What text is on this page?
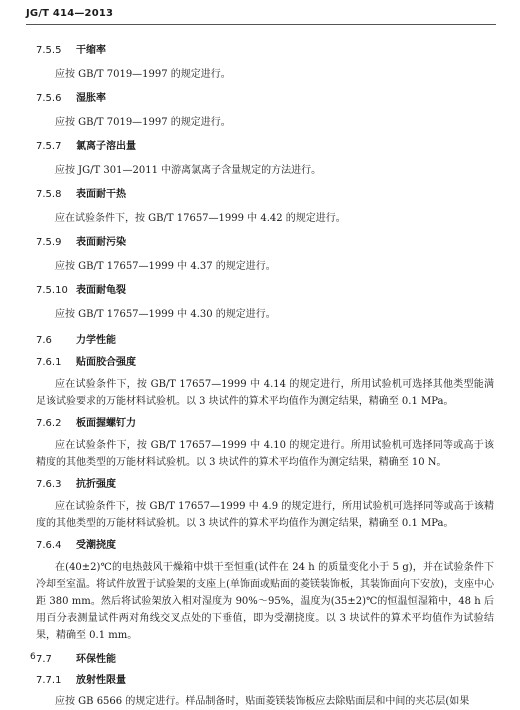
JG/T 414—2013
7.5.5 干缩率

应按 GB/T 7019—1997 的规定进行。

7.5.6 湿胀率

应按 GB/T 7019—1997 的规定进行。

7.5.7 氯离子溶出量

应按 JG/T 301—2011 中游离氯离子含量规定的方法进行。

7.5.8 表面耐干热

应在试验条件下，按 GB/T 17657—1999 中 4.42 的规定进行。

7.5.9 表面耐污染

应按 GB/T 17657—1999 中 4.37 的规定进行。

7.5.10 表面耐龟裂

应按 GB/T 17657—1999 中 4.30 的规定进行。

7.6 力学性能
7.6.1 贴面胶合强度

应在试验条件下，按 GB/T 17657—1999 中 4.14 的规定进行，所用试验机可选择其他类型能满足该试验要求的万能材料试验机。以 3 块试件的算术平均值作为测定结果，精确至 0.1 MPa。

7.6.2 板面握螺钉力

应在试验条件下，按 GB/T 17657—1999 中 4.10 的规定进行。所用试验机可选择同等或高于该精度的其他类型的万能材料试验机。以 3 块试件的算术平均值作为测定结果，精确至 10 N。

7.6.3 抗折强度

应在试验条件下，按 GB/T 17657—1999 中 4.9 的规定进行，所用试验机可选择同等或高于该精度的其他类型的万能材料试验机。以 3 块试件的算术平均值作为测定结果，精确至 0.1 MPa。

7.6.4 受潮挠度

在(40±2)℃的电热鼓风干燥箱中烘干至恒重(试件在 24 h 的质量变化小于 5 g)，并在试验条件下冷却至室温。将试件放置于试验架的支座上(单饰面或贴面的菱镁装饰板，其装饰面向下安放)，支座中心距 380 mm。然后将试验架放入相对湿度为 90%～95%，温度为(35±2)℃的恒温恒湿箱中，48 h 后用百分表测量试件两对角线交叉点处的下垂值，即为受潮挠度。以 3 块试件的算术平均值作为试验结果，精确至 0.1 mm。

7.7 环保性能
7.7.1 放射性限量

应按 GB 6566 的规定进行。样品制备时，贴面菱镁装饰板应去除贴面层和中间的夹芯层(如果

6
